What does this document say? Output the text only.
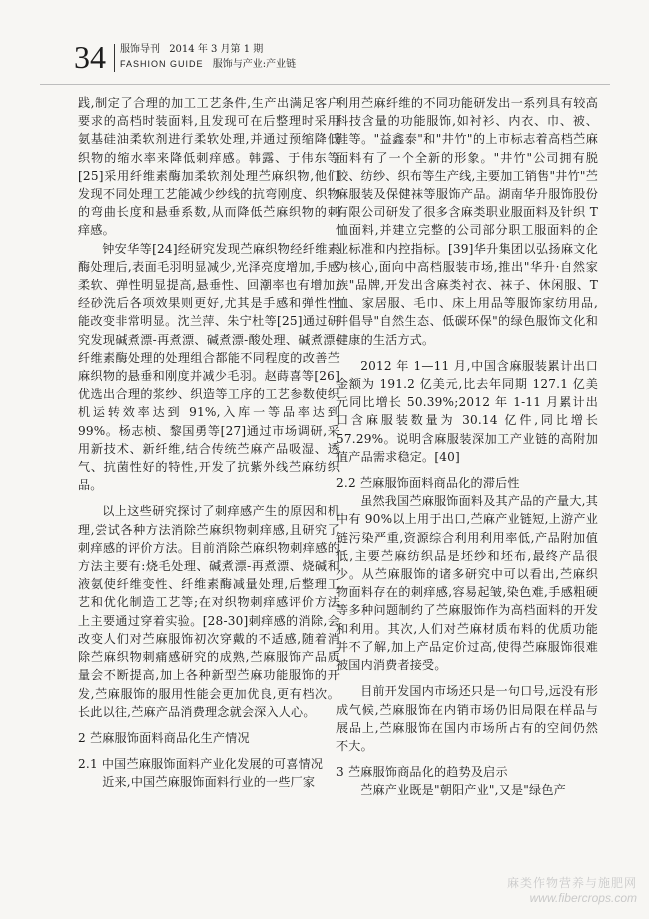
34 服饰导刊 2014 年 3 月第 1 期
FASHION GUIDE 服饰与产业:产业链

践,制定了合理的加工工艺条件,生产出满足客户要求的高档时装面料,且发现可在后整理时采用氨基硅油柔软剂进行柔软处理,并通过预缩降低织物的缩水率来降低刺痒感。韩露、于伟东等[25]采用纤维素酶加柔软剂处理苎麻织物,他们发现不同处理工艺能减少纱线的抗弯刚度、织物的弯曲长度和悬垂系数,从而降低苎麻织物的刺痒感。

钟安华等[24]经研究发现苎麻织物经纤维素酶处理后,表面毛羽明显减少,光泽亮度增加,手感柔软、弹性明显提高,悬垂性、回潮率也有增加;经砂洗后各项效果则更好,尤其是手感和弹性性能改变非常明显。沈兰萍、朱宁杜等[25]通过研究发现碱煮漂-再煮漂、碱煮漂-酸处理、碱煮漂-纤维素酶处理的处理组合都能不同程度的改善苎麻织物的悬垂和刚度并减少毛羽。赵蒔喜等[26]优选出合理的浆纱、织造等工序的工艺参数使织机运转效率达到 91%,入库一等品率达到 99%。杨志桢、黎国勇等[27]通过市场调研,采用新技术、新纤维,结合传统苎麻产品吸湿、透气、抗菌性好的特性,开发了抗紫外线苎麻纺织品。

以上这些研究探讨了刺痒感产生的原因和机理,尝试各种方法消除苎麻织物刺痒感,且研究了刺痒感的评价方法。目前消除苎麻织物刺痒感的方法主要有:烧毛处理、碱煮漂-再煮漂、烧碱和液氨使纤维变性、纤维素酶减量处理,后整理工艺和优化制造工艺等;在对织物刺痒感评价方法上主要通过穿着实验。[28-30]刺痒感的消除,会改变人们对苎麻服饰初次穿戴的不适感,随着消除苎麻织物刺痛感研究的成熟,苎麻服饰产品质量会不断提高,加上各种新型苎麻功能服饰的开发,苎麻服饰的服用性能会更加优良,更有档次。长此以往,苎麻产品消费理念就会深入人心。

2 苎麻服饰面料商品化生产情况

2.1 中国苎麻服饰面料产业化发展的可喜情况

近来,中国苎麻服饰面料行业的一些厂家

利用苎麻纤维的不同功能研发出一系列具有较高科技含量的功能服饰,如衬衫、内衣、巾、被、鞋等。"益鑫泰"和"井竹"的上市标志着高档苎麻面料有了一个全新的形象。"井竹"公司拥有脱胶、纺纱、织布等生产线,主要加工销售"井竹"苎麻服装及保健袜等服饰产品。湖南华升服饰股份有限公司研发了很多含麻类职业服面料及针织 T 恤面料,并建立完整的公司部分职工服面料的企业标准和内控指标。[39]华升集团以弘扬麻文化为核心,面向中高档服装市场,推出"华升·自然家族"品牌,开发出含麻类衬衣、袜子、休闲服、T恤、家居服、毛巾、床上用品等服饰家纺用品,并倡导"自然生态、低碳环保"的绿色服饰文化和健康的生活方式。

2012 年 1—11 月,中国含麻服装累计出口金额为 191.2 亿美元,比去年同期 127.1 亿美元同比增长 50.39%;2012 年 1-11 月累计出口含麻服装数量为 30.14 亿件,同比增长 57.29%。说明含麻服装深加工产业链的高附加值产品需求稳定。[40]

2.2 苎麻服饰面料商品化的滞后性

虽然我国苎麻服饰面料及其产品的产量大,其中有 90%以上用于出口,苎麻产业链短,上游产业链污染严重,资源综合利用利用率低,产品附加值低,主要苎麻纺织品是坯纱和坯布,最终产品很少。从苎麻服饰的诸多研究中可以看出,苎麻织物面料存在的刺痒感,容易起皱,染色难,手感粗硬等多种问题制约了苎麻服饰作为高档面料的开发和利用。其次,人们对苎麻材质布料的优质功能并不了解,加上产品定价过高,使得苎麻服饰很难被国内消费者接受。

目前开发国内市场还只是一句口号,远没有形成气候,苎麻服饰在内销市场仍旧局限在样品与展品上,苎麻服饰在国内市场所占有的空间仍然不大。

3 苎麻服饰商品化的趋势及启示

苎麻产业既是"朝阳产业",又是"绿色产

麻类作物营养与施肥网
www.fibercrops.com
